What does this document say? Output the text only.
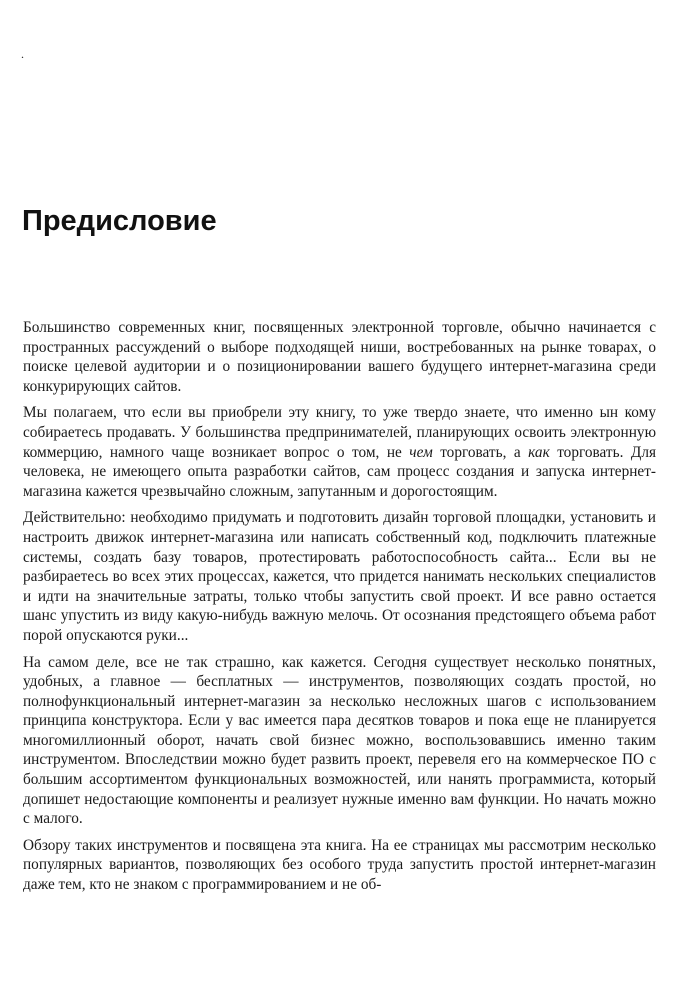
.
Предисловие

Большинство современных книг, посвященных электронной торговле, обычно начинается с пространных рассуждений о выборе подходящей ниши, востребованных на рынке товарах, о поиске целевой аудитории и о позиционировании вашего будущего интернет-магазина среди конкурирующих сайтов.

Мы полагаем, что если вы приобрели эту книгу, то уже твердо знаете, что именно ын кому собираетесь продавать. У большинства предпринимателей, планирующих освоить электронную коммерцию, намного чаще возникает вопрос о том, не чем торговать, а как торговать. Для человека, не имеющего опыта разработки сайтов, сам процесс создания и запуска интернет-магазина кажется чрезвычайно сложным, запутанным и дорогостоящим.

Действительно: необходимо придумать и подготовить дизайн торговой площадки, установить и настроить движок интернет-магазина или написать собственный код, подключить платежные системы, создать базу товаров, протестировать работоспособность сайта... Если вы не разбираетесь во всех этих процессах, кажется, что придется нанимать нескольких специалистов и идти на значительные затраты, только чтобы запустить свой проект. И все равно остается шанс упустить из виду какую-нибудь важную мелочь. От осознания предстоящего объема работ порой опускаются руки...

На самом деле, все не так страшно, как кажется. Сегодня существует несколько понятных, удобных, а главное — бесплатных — инструментов, позволяющих создать простой, но полнофункциональный интернет-магазин за несколько несложных шагов с использованием принципа конструктора. Если у вас имеется пара десятков товаров и пока еще не планируется многомиллионный оборот, начать свой бизнес можно, воспользовавшись именно таким инструментом. Впоследствии можно будет развить проект, перевеля его на коммерческое ПО с большим ассортиментом функциональных возможностей, или нанять программиста, который допишет недостающие компоненты и реализует нужные именно вам функции. Но начать можно с малого.

Обзору таких инструментов и посвящена эта книга. На ее страницах мы рассмотрим несколько популярных вариантов, позволяющих без особого труда запустить простой интернет-магазин даже тем, кто не знаком с программированием и не об-
